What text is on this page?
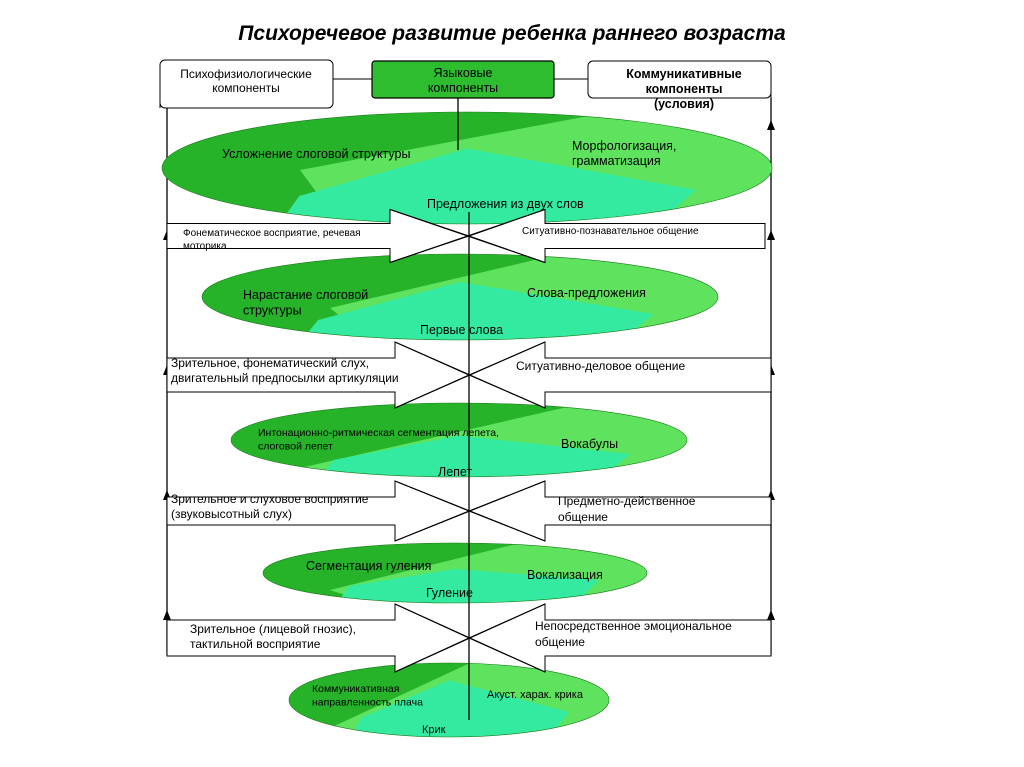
Психоречевое развитие ребенка раннего возраста
Психофизиологические компоненты
Языковые компоненты
Коммуникативные компоненты (условия)
Усложнение слоговой структуры
Морфологизация, грамматизация
Предложения из двух слов
Нарастание слоговой структуры
Слова-предложения
Первые слова
Интонационно-ритмическая сегментация лепета, слоговой лепет	Вокабулы
Лепет
Сегментация гуления
Вокализация
Гуление
Коммуникативная направленность плача
Акуст. харак. крика
Крик
Фонематическое восприятие, речевая моторика
Ситуативно-познавательное общение
Зрительное, фонематический слух, двигательный предпосылки артикуляции
Ситуативно-деловое общение
Зрительное и слуховое восприятие (звуковысотный слух)
Предметно-действенное общение
Зрительное (лицевой гнозис), тактильной восприятие
Непосредственное эмоциональное общение
